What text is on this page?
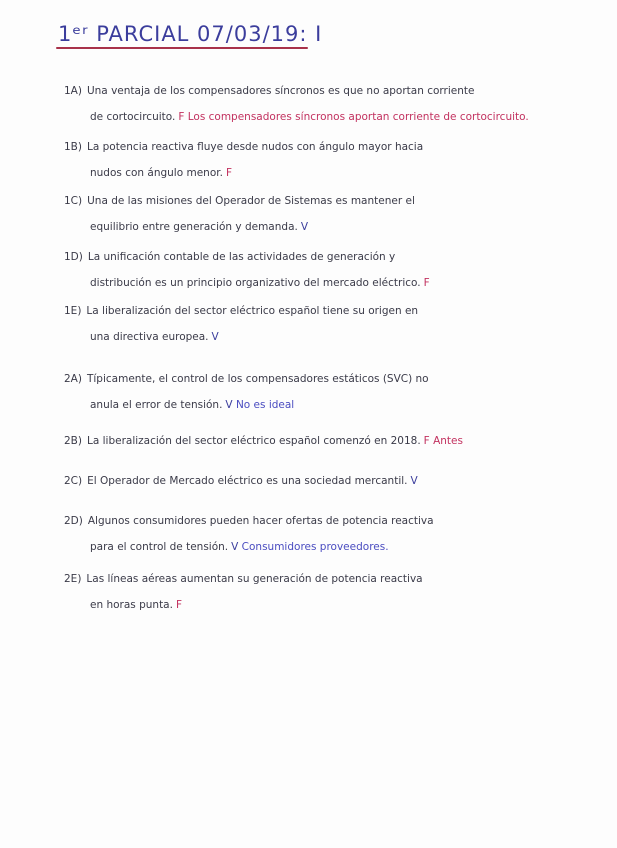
1ᵉʳ PARCIAL 07/03/19: I
1A) Una ventaja de los compensadores síncronos es que no aportan corriente
de cortocircuito. F Los compensadores síncronos aportan corriente de cortocircuito.
1B) La potencia reactiva fluye desde nudos con ángulo mayor hacia
nudos con ángulo menor. F
1C) Una de las misiones del Operador de Sistemas es mantener el
equilibrio entre generación y demanda. V
1D) La unificación contable de las actividades de generación y
distribución es un principio organizativo del mercado eléctrico. F
1E) La liberalización del sector eléctrico español tiene su origen en
una directiva europea. V
2A) Típicamente, el control de los compensadores estáticos (SVC) no
anula el error de tensión. V No es ideal
2B) La liberalización del sector eléctrico español comenzó en 2018. F Antes
2C) El Operador de Mercado eléctrico es una sociedad mercantil. V
2D) Algunos consumidores pueden hacer ofertas de potencia reactiva
para el control de tensión. V Consumidores proveedores.
2E) Las líneas aéreas aumentan su generación de potencia reactiva
en horas punta. F
